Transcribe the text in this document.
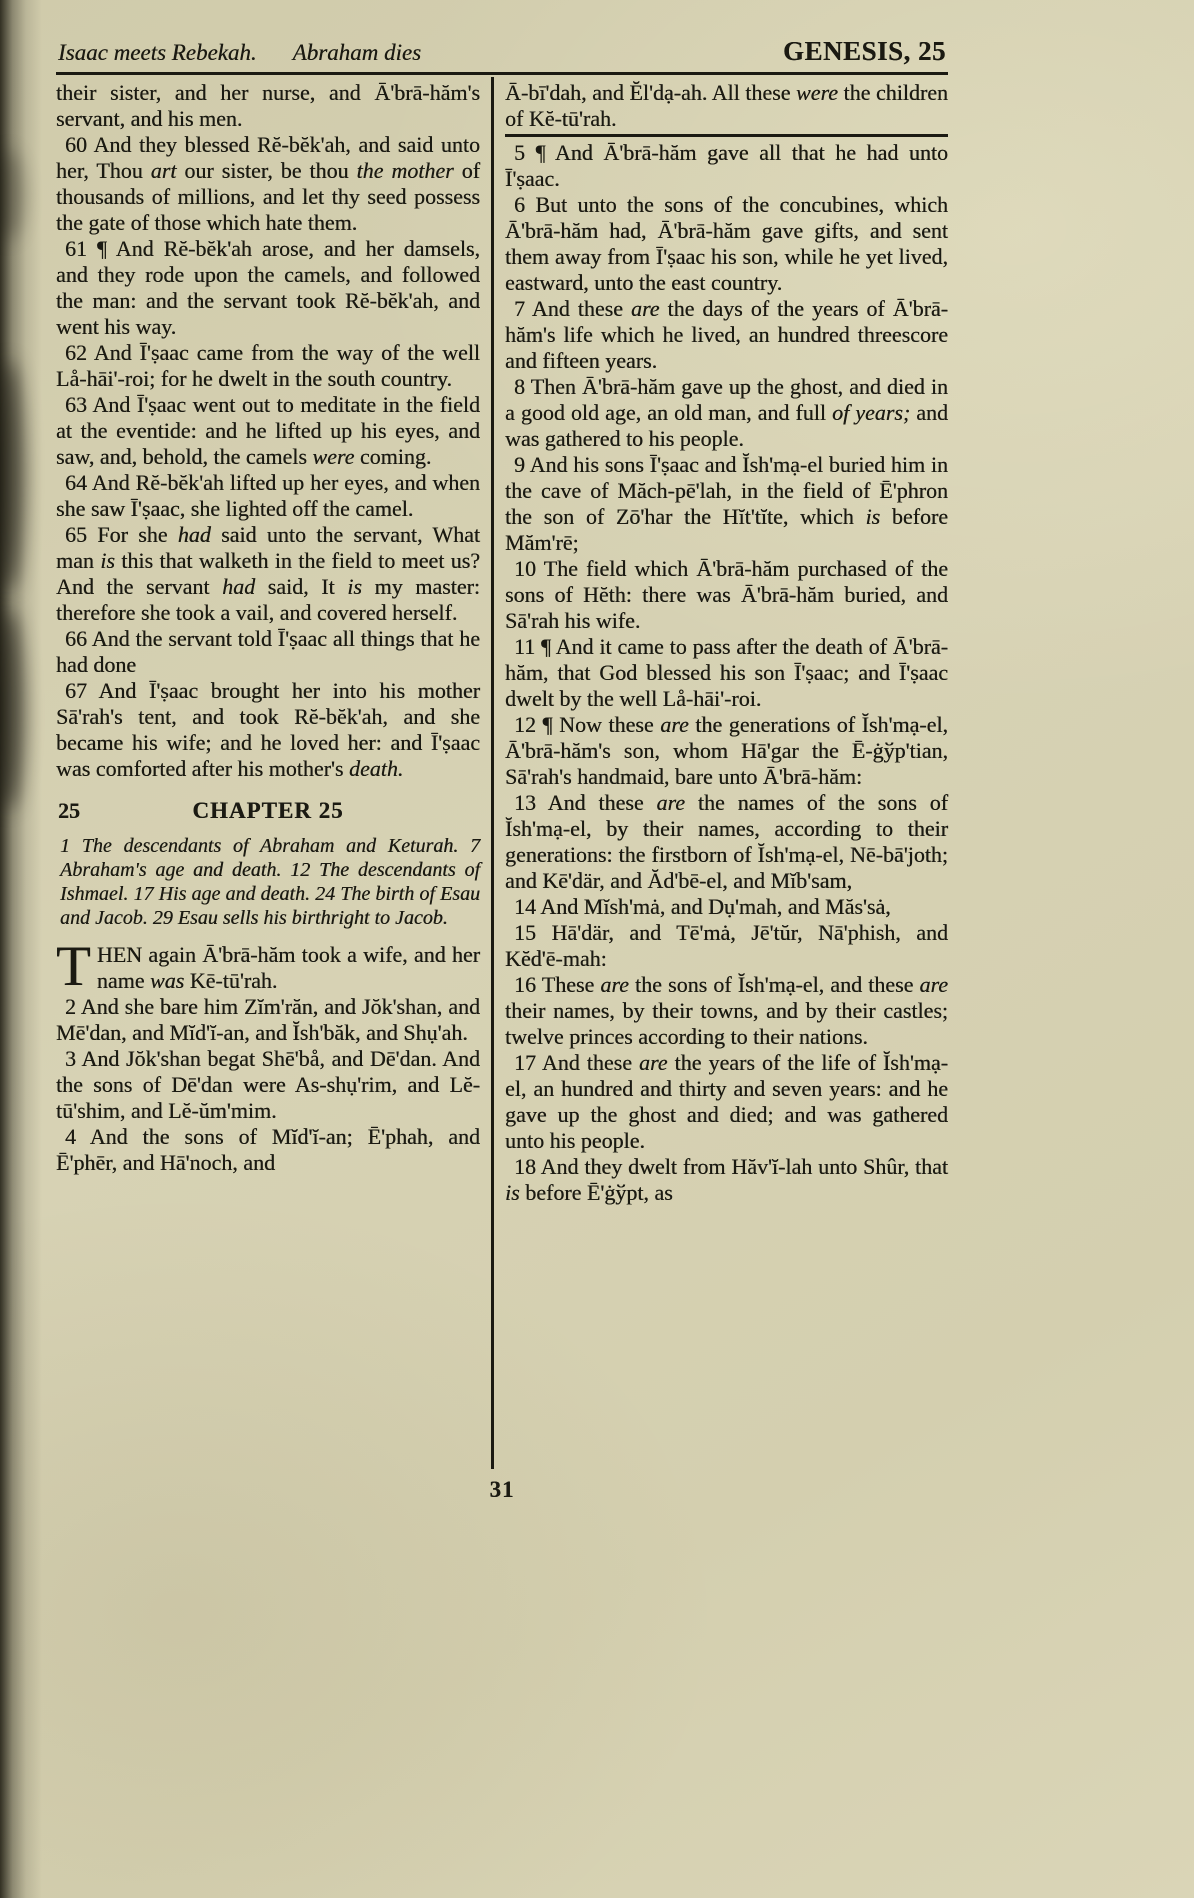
Isaac meets Rebekah. Abraham dies	GENESIS, 25

their sister, and her nurse, and Ā'brā-hăm's servant, and his men.

60 And they blessed Rĕ-bĕk'ah, and said unto her, Thou art our sister, be thou the mother of thousands of millions, and let thy seed possess the gate of those which hate them.

61 ¶ And Rĕ-bĕk'ah arose, and her damsels, and they rode upon the camels, and followed the man: and the servant took Rĕ-bĕk'ah, and went his way.

62 And Ī'ṣaac came from the way of the well Lå-hāi'-roi; for he dwelt in the south country.

63 And Ī'ṣaac went out to meditate in the field at the eventide: and he lifted up his eyes, and saw, and, behold, the camels were coming.

64 And Rĕ-bĕk'ah lifted up her eyes, and when she saw Ī'ṣaac, she lighted off the camel.

65 For she had said unto the servant, What man is this that walketh in the field to meet us? And the servant had said, It is my master: therefore she took a vail, and covered herself.

66 And the servant told Ī'ṣaac all things that he had done

67 And Ī'ṣaac brought her into his mother Sā'rah's tent, and took Rĕ-bĕk'ah, and she became his wife; and he loved her: and Ī'ṣaac was comforted after his mother's death.

25	CHAPTER 25

1 The descendants of Abraham and Keturah. 7 Abraham's age and death. 12 The descendants of Ishmael. 17 His age and death. 24 The birth of Esau and Jacob. 29 Esau sells his birthright to Jacob.

THEN again Ā'brā-hăm took a wife, and her name was Kē-tū'rah.

2 And she bare him Zĭm'răn, and Jŏk'shan, and Mē'dan, and Mĭd'ĭ-an, and Ĭsh'băk, and Shụ'ah.

3 And Jŏk'shan begat Shē'bå, and Dē'dan. And the sons of Dē'dan were As-shụ'rim, and Lĕ-tū'shim, and Lĕ-ŭm'mim.

4 And the sons of Mĭd'ĭ-an; Ē'phah, and Ē'phēr, and Hā'noch, and

Ā-bī'dah, and Ĕl'dạ-ah. All these were the children of Kĕ-tū'rah.

5 ¶ And Ā'brā-hăm gave all that he had unto Ī'ṣaac.

6 But unto the sons of the concubines, which Ā'brā-hăm had, Ā'brā-hăm gave gifts, and sent them away from Ī'ṣaac his son, while he yet lived, eastward, unto the east country.

7 And these are the days of the years of Ā'brā-hăm's life which he lived, an hundred threescore and fifteen years.

8 Then Ā'brā-hăm gave up the ghost, and died in a good old age, an old man, and full of years; and was gathered to his people.

9 And his sons Ī'ṣaac and Ĭsh'mạ-el buried him in the cave of Măch-pē'lah, in the field of Ē'phron the son of Zō'har the Hĭt'tĭte, which is before Măm'rē;

10 The field which Ā'brā-hăm purchased of the sons of Hĕth: there was Ā'brā-hăm buried, and Sā'rah his wife.

11 ¶ And it came to pass after the death of Ā'brā-hăm, that God blessed his son Ī'ṣaac; and Ī'ṣaac dwelt by the well Lå-hāi'-roi.

12 ¶ Now these are the generations of Ĭsh'mạ-el, Ā'brā-hăm's son, whom Hā'gar the Ē-ġўp'tian, Sā'rah's handmaid, bare unto Ā'brā-hăm:

13 And these are the names of the sons of Ĭsh'mạ-el, by their names, according to their generations: the firstborn of Ĭsh'mạ-el, Nē-bā'joth; and Kē'där, and Ăd'bē-el, and Mĭb'sam,

14 And Mĭsh'mȧ, and Dụ'mah, and Măs'sȧ,

15 Hā'där, and Tē'mȧ, Jē'tŭr, Nā'phish, and Kĕd'ē-mah:

16 These are the sons of Ĭsh'mạ-el, and these are their names, by their towns, and by their castles; twelve princes according to their nations.

17 And these are the years of the life of Ĭsh'mạ-el, an hundred and thirty and seven years: and he gave up the ghost and died; and was gathered unto his people.

18 And they dwelt from Hăv'ĭ-lah unto Shûr, that is before Ē'ġўpt, as

31
